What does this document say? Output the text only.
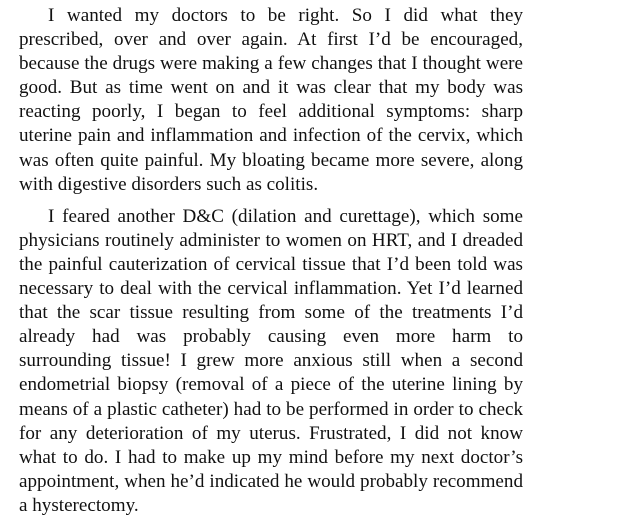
I wanted my doctors to be right. So I did what they prescribed, over and over again. At first I’d be encouraged, because the drugs were making a few changes that I thought were good. But as time went on and it was clear that my body was reacting poorly, I began to feel additional symptoms: sharp uterine pain and inflammation and infection of the cervix, which was often quite painful. My bloating became more severe, along with digestive disorders such as colitis.

I feared another D&C (dilation and curettage), which some physicians routinely administer to women on HRT, and I dreaded the painful cauterization of cervical tissue that I’d been told was necessary to deal with the cervical inflammation. Yet I’d learned that the scar tissue resulting from some of the treatments I’d already had was probably causing even more harm to surrounding tissue! I grew more anxious still when a second endometrial biopsy (removal of a piece of the uterine lining by means of a plastic catheter) had to be performed in order to check for any deterioration of my uterus. Frustrated, I did not know what to do. I had to make up my mind before my next doctor’s appointment, when he’d indicated he would probably recommend a hysterectomy.
